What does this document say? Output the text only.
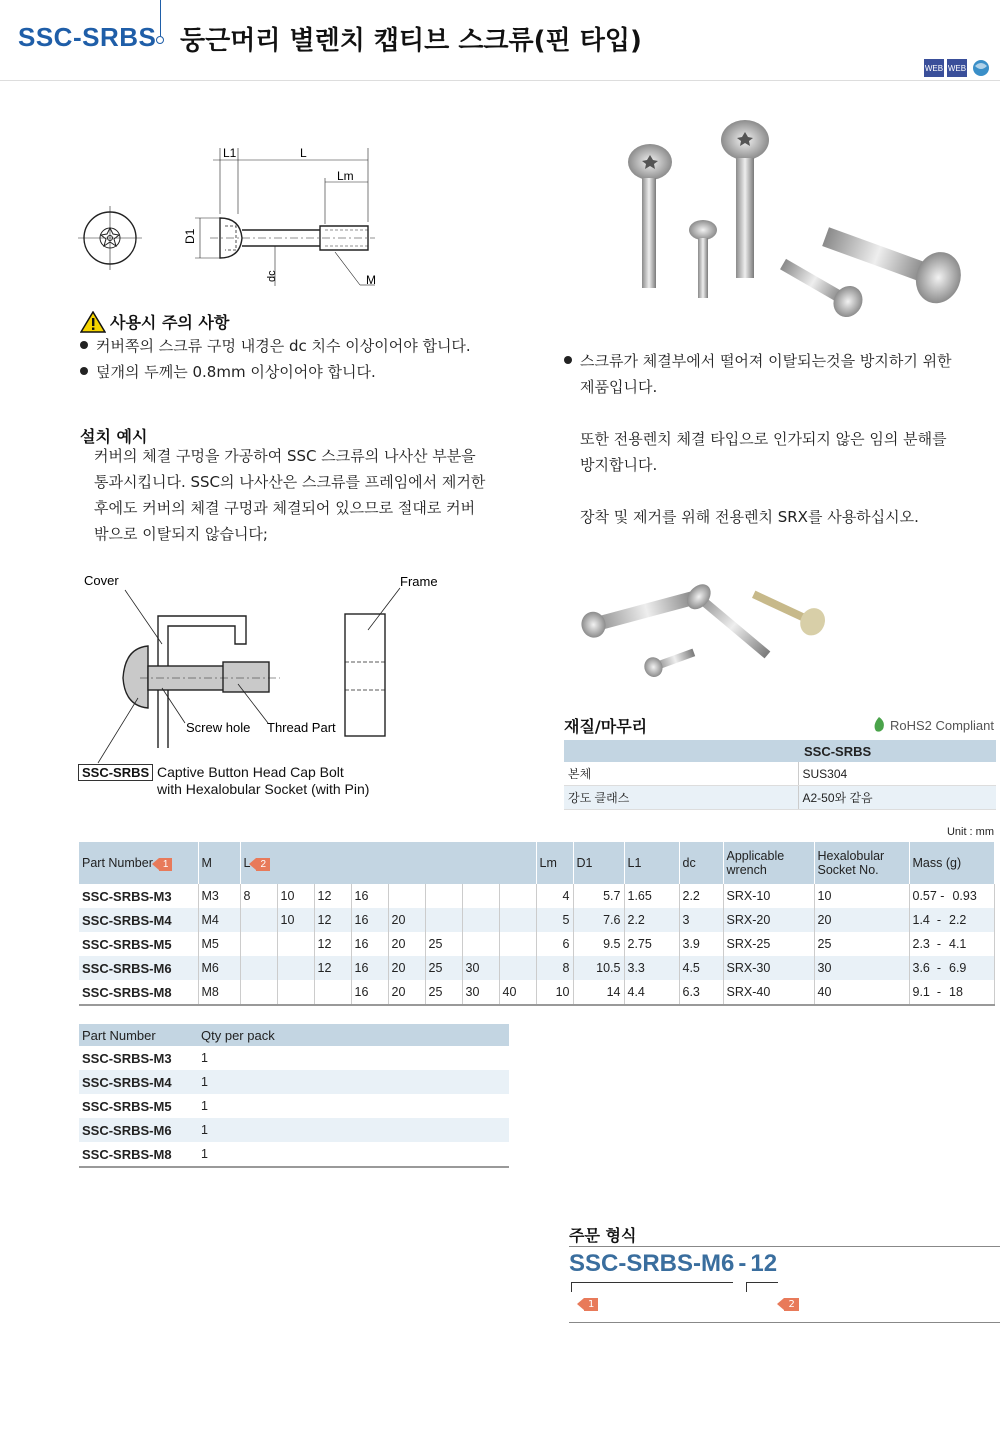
SSC-SRBS 둥근머리 별렌치 캡티브 스크류(핀 타입)
WEB WEB
L1	L
Lm
D1
dc	M
사용시 주의 사항
커버쪽의 스크류 구멍 내경은 dc 치수 이상이어야 합니다.
덮개의 두께는 0.8mm 이상이어야 합니다.
설치 예시
커버의 체결 구멍을 가공하여 SSC 스크류의 나사산 부분을
통과시킵니다. SSC의 나사산은 스크류를 프레임에서 제거한
후에도 커버의 체결 구멍과 체결되어 있으므로 절대로 커버
밖으로 이탈되지 않습니다;
Cover	Frame
Screw hole Thread Part
SSC-SRBS Captive Button Head Cap Bolt
with Hexalobular Socket (with Pin)
스크류가 체결부에서 떨어져 이탈되는것을 방지하기 위한
제품입니다.
또한 전용렌치 체결 타입으로 인가되지 않은 임의 분해를
방지합니다.
장착 및 제거를 위해 전용렌치 SRX를 사용하십시오.
재질/마무리	RoHS2 Compliant
	SSC-SRBS
본체	SUS304
강도 클래스	A2-50와 같음
Unit : mm
Part Number 1	M	L 2								Lm	D1	L1	dc	Applicable
wrench	Hexalobular
Socket No.	Mass (g)
SSC-SRBS-M3	M3	8	10	12	16					4	5.7	1.65	2.2	SRX-10	10	0.57 - 0.93
SSC-SRBS-M4	M4		10	12	16	20				5	7.6	2.2	3	SRX-20	20	1.4  - 2.2
SSC-SRBS-M5	M5			12	16	20	25			6	9.5	2.75	3.9	SRX-25	25	2.3  - 4.1
SSC-SRBS-M6	M6			12	16	20	25	30		8	10.5	3.3	4.5	SRX-30	30	3.6  - 6.9
SSC-SRBS-M8	M8				16	20	25	30	40	10	14	4.4	6.3	SRX-40	40	9.1  - 18
Part Number	Qty per pack
SSC-SRBS-M3	1
SSC-SRBS-M4	1
SSC-SRBS-M5	1
SSC-SRBS-M6	1
SSC-SRBS-M8	1
주문 형식
SSC-SRBS-M6 - 12
1	2
